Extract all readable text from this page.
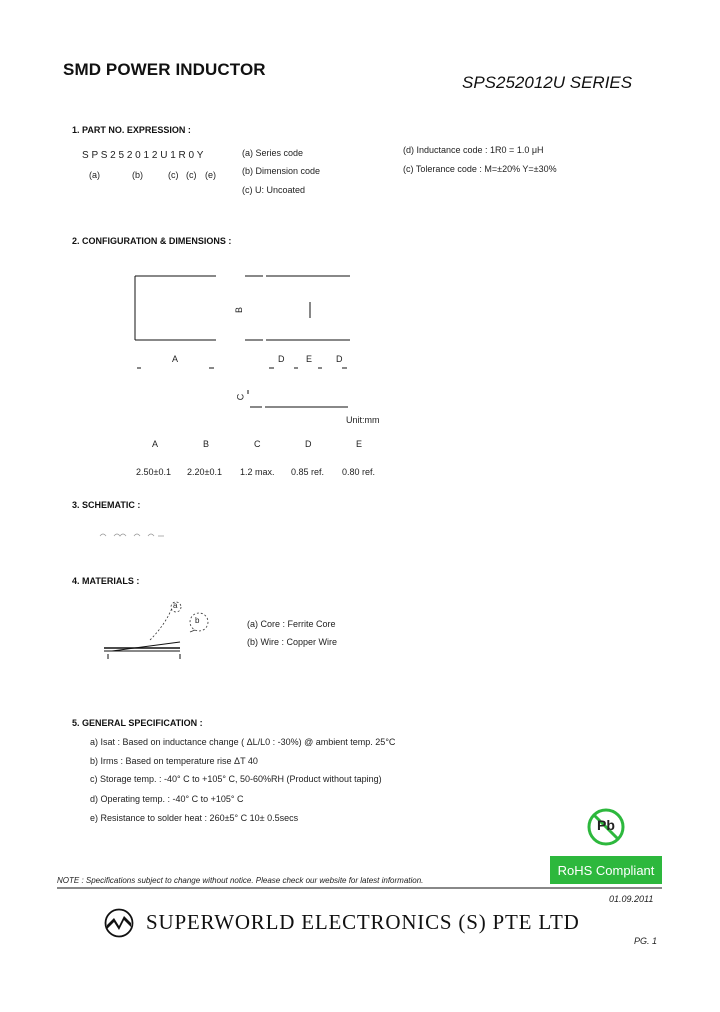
SMD POWER INDUCTOR
SPS252012U SERIES
1. PART NO. EXPRESSION :
S P S 2 5 2 0 1 2 U 1 R 0 Y
(a)	(b)	(c) (c) (e)
(a) Series code
(b) Dimension code
(c) U: Uncoated
(d) Inductance code : 1R0 = 1.0 μH
(c) Tolerance code : M=±20% Y=±30%
2. CONFIGURATION & DIMENSIONS :
A
B
D E	D
C
Unit:mm
A	B	C	D	E
2.50±0.1 2.20±0.1 1.2 max. 0.85 ref. 0.80 ref.
3. SCHEMATIC :
4. MATERIALS :
a
b	(a) Core : Ferrite Core
(b) Wire : Copper Wire
5. GENERAL SPECIFICATION :
a) Isat : Based on inductance change ( ΔL/L0 : -30%) @ ambient temp. 25°C
b) Irms : Based on temperature rise ΔT 40
c) Storage temp. : -40° C to +105° C, 50-60%RH (Product without taping)
d) Operating temp. : -40° C to +105° C
e) Resistance to solder heat : 260±5° C 10± 0.5secs	Pb
RoHS Compliant
NOTE : Specifications subject to change without notice. Please check our website for latest information.
01.09.2011
SUPERWORLD ELECTRONICS (S) PTE LTD
PG. 1
